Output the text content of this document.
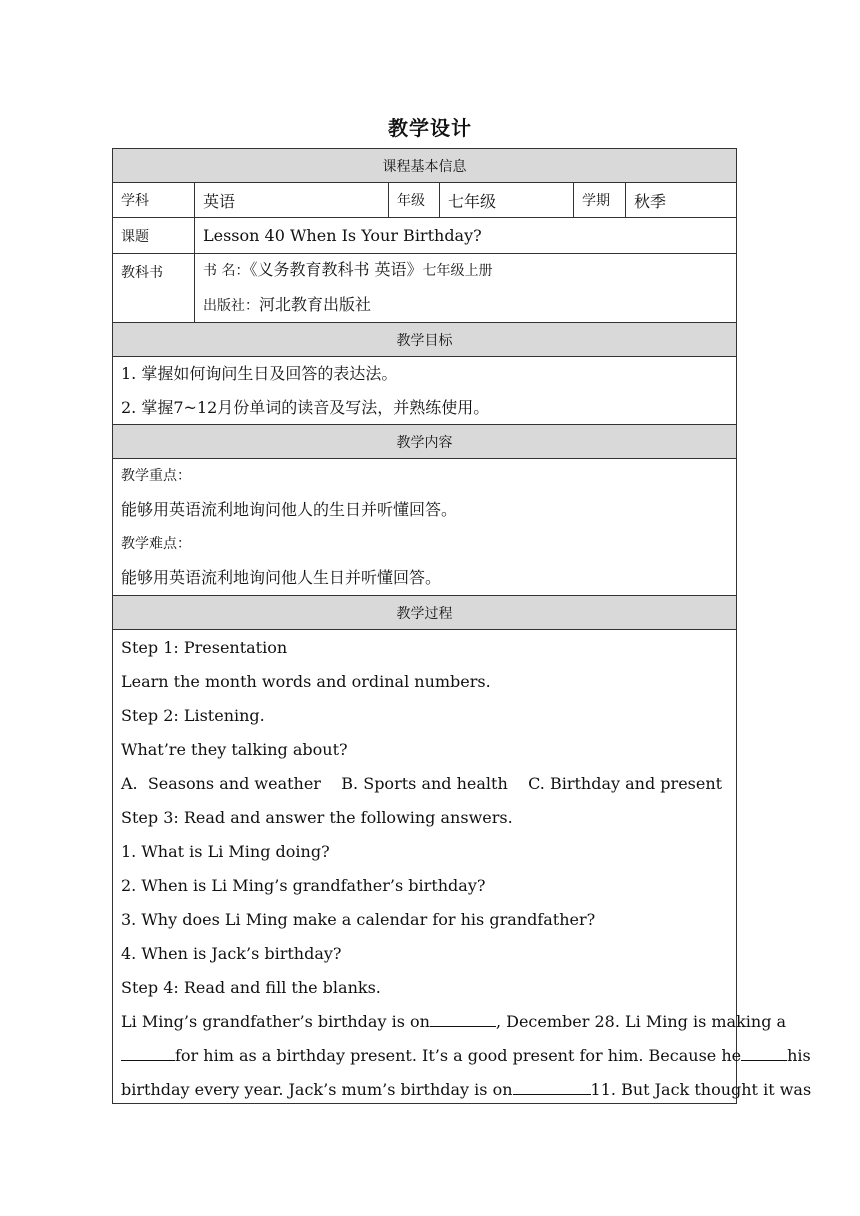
教学设计
课程基本信息
学科	英语	年级	七年级	学期	秋季
课题	Lesson 40 When Is Your Birthday?
教科书	书 名：《义务教育教科书 英语》七年级上册
出版社：河北教育出版社
教学目标
1. 掌握如何询问生日及回答的表达法。
2. 掌握7~12月份单词的读音及写法，并熟练使用。
教学内容
教学重点：
能够用英语流利地询问他人的生日并听懂回答。
教学难点：
能够用英语流利地询问他人生日并听懂回答。
教学过程
Step 1: Presentation
Learn the month words and ordinal numbers.
Step 2: Listening.
What’re they talking about?
A.  Seasons and weather    B. Sports and health    C. Birthday and present
Step 3: Read and answer the following answers.
1. What is Li Ming doing?
2. When is Li Ming’s grandfather’s birthday?
3. Why does Li Ming make a calendar for his grandfather?
4. When is Jack’s birthday?
Step 4: Read and fill the blanks.
Li Ming’s grandfather’s birthday is on	, December 28. Li Ming is making a
for him as a birthday present. It’s a good present for him. Because he	his
birthday every year. Jack’s mum’s birthday is on	11. But Jack thought it was
